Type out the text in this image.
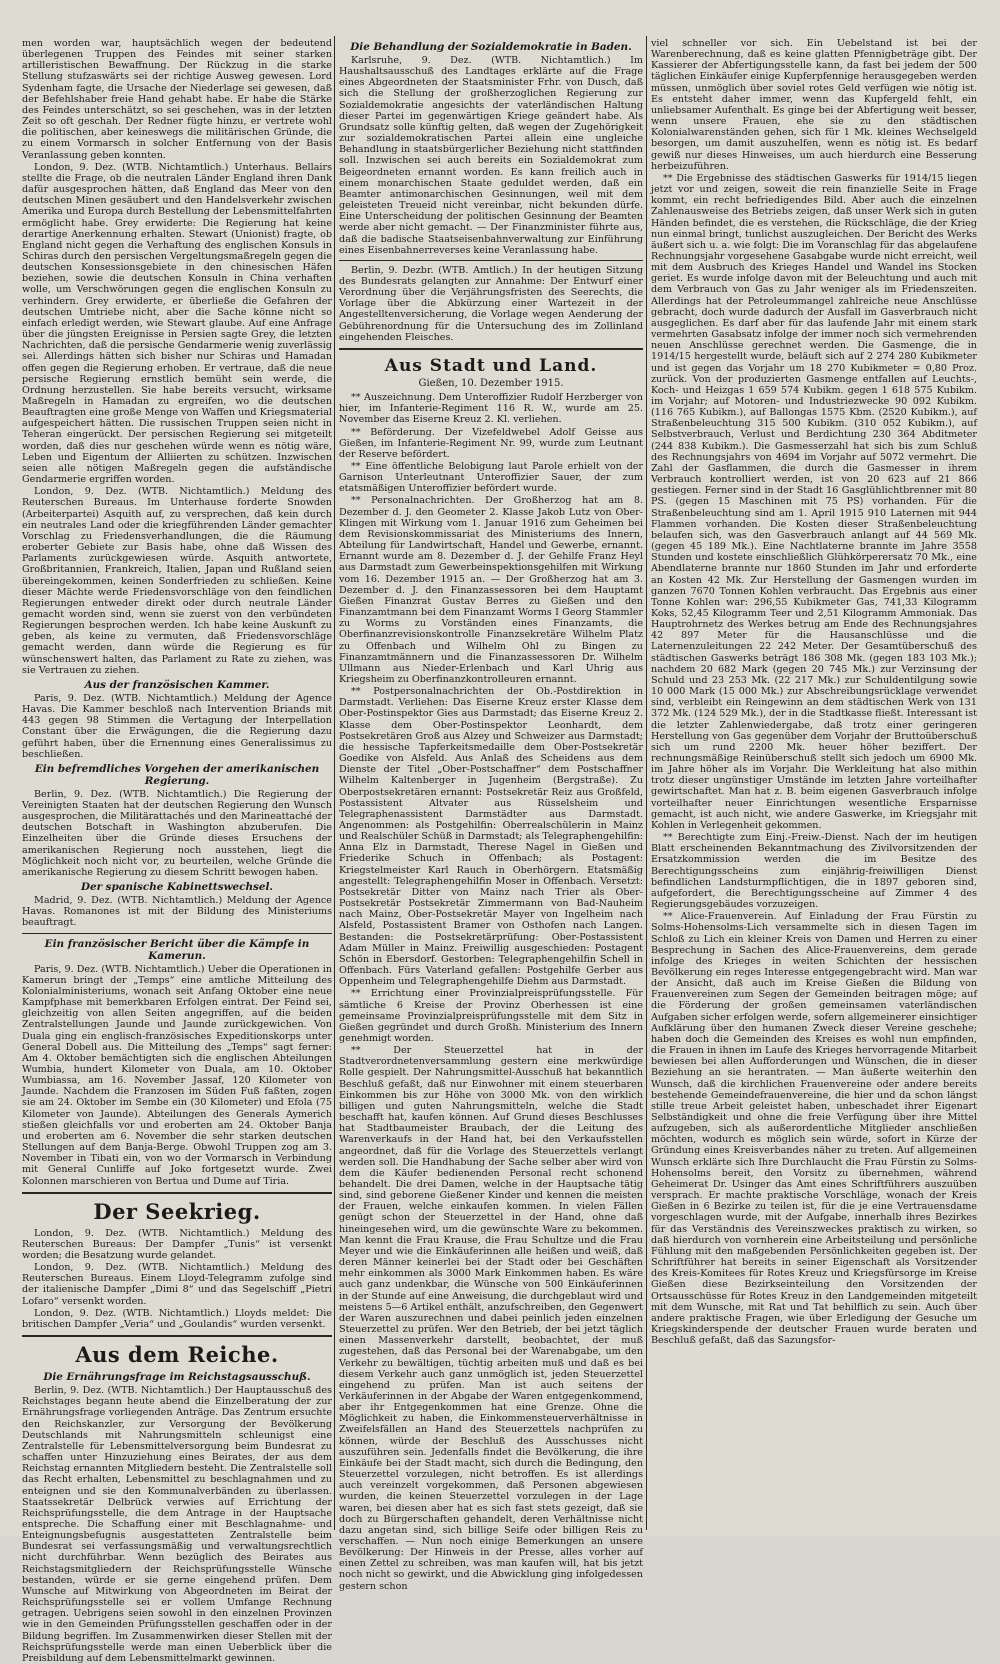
men worden war, hauptsächlich wegen der bedeutend überlegenen Truppen des Feindes mit seiner starken artilleristischen Bewaffnung. Der Rückzug in die starke Stellung stufzaswärts sei der richtige Ausweg gewesen. Lord Sydenham fagte, die Ursache der Niederlage sei gewesen, daß der Befehlshaber freie Hand gehabt habe. Er habe die Stärke des Feindes unterschätzt, so sei geschehen, was in der letzten Zeit so oft geschah. Der Redner fügte hinzu, er vertrete wohl die politischen, aber keineswegs die militärischen Gründe, die zu einem Vormarsch in solcher Entfernung von der Basis Veranlassung geben konnten.

London, 9. Dez. (WTB. Nichtamtlich.) Unterhaus. Bellairs stellte die Frage, ob die neutralen Länder England ihren Dank dafür ausgesprochen hätten, daß England das Meer von den deutschen Minen gesäubert und den Handelsverkehr zwischen Amerika und Europa durch Bestellung der Lebensmittelfahrten ermöglicht habe. Grey erwiderte: Die Regierung hat keine derartige Anerkennung erhalten. Stewart (Unionist) fragte, ob England nicht gegen die Verhaftung des englischen Konsuls in Schiras durch den persischen Vergeltungsmaßregeln gegen die deutschen Konsessionsgebiete in den chinesischen Häfen beziehen, sowie die deutschen Konsuln in China verhaften wolle, um Verschwörungen gegen die englischen Konsuln zu verhindern. Grey erwiderte, er überließe die Gefahren der deutschen Umtriebe nicht, aber die Sache könne nicht so einfach erledigt werden, wie Stewart glaube. Auf eine Anfrage über die jüngsten Ereignisse in Persien sagte Grey, die letzten Nachrichten, daß die persische Gendarmerie wenig zuverlässig sei. Allerdings hätten sich bisher nur Schiras und Hamadan offen gegen die Regierung erhoben. Er vertraue, daß die neue persische Regierung ernstlich bemüht sein werde, die Ordnung herzustellen. Sie habe bereits versucht, wirksame Maßregeln in Hamadan zu ergreifen, wo die deutschen Beauftragten eine große Menge von Waffen und Kriegsmaterial aufgespeichert hätten. Die russischen Truppen seien nicht in Teheran eingerückt. Der persischen Regierung sei mitgeteilt worden, daß dies nur geschehen würde wenn es nötig wäre, Leben und Eigentum der Alliierten zu schützen. Inzwischen seien alle nötigen Maßregeln gegen die aufständische Gendarmerie ergriffen worden.

London, 9. Dez. (WTB. Nichtamtlich.) Meldung des Reuterschen Bureaus. Im Unterhause forderte Snowden (Arbeiterpartei) Asquith auf, zu versprechen, daß kein durch ein neutrales Land oder die kriegführenden Länder gemachter Vorschlag zu Friedensverhandlungen, die die Räumung eroberter Gebiete zur Basis habe, ohne daß Wissen des Parlaments zurückgewiesen würde. Asquith antwortete, Großbritannien, Frankreich, Italien, Japan und Rußland seien übereingekommen, keinen Sonderfrieden zu schließen. Keine dieser Mächte werde Friedensvorschläge von den feindlichen Regierungen entweder direkt oder durch neutrale Länder gemacht worden sind, wenn sie zuerst von den verbündeten Regierungen besprochen werden. Ich habe keine Auskunft zu geben, als keine zu vermuten, daß Friedensvorschläge gemacht werden, dann würde die Regierung es für wünschenswert halten, das Parlament zu Rate zu ziehen, was sie Vertrauen zu ziehen.

Aus der französischen Kammer.

Paris, 9. Dez. (WTB. Nichtamtlich.) Meldung der Agence Havas. Die Kammer beschloß nach Intervention Briands mit 443 gegen 98 Stimmen die Vertagung der Interpellation Constant über die Erwägungen, die die Regierung dazu geführt haben, über die Ernennung eines Generalissimus zu beschließen.

Ein befremdliches Vorgehen der amerikanischen Regierung.

Berlin, 9. Dez. (WTB. Nichtamtlich.) Die Regierung der Vereinigten Staaten hat der deutschen Regierung den Wunsch ausgesprochen, die Militärattachés und den Marineattaché der deutschen Botschaft in Washington abzuberufen. Die Einzelheiten über die Gründe dieses Ersuchens der amerikanischen Regierung noch ausstehen, liegt die Möglichkeit noch nicht vor, zu beurteilen, welche Gründe die amerikanische Regierung zu diesem Schritt bewogen haben.

Der spanische Kabinettswechsel.

Madrid, 9. Dez. (WTB. Nichtamtlich.) Meldung der Agence Havas. Romanones ist mit der Bildung des Ministeriums beauftragt.

Ein französischer Bericht über die Kämpfe in Kamerun.

Paris, 9. Dez. (WTB. Nichtamtlich.) Ueber die Operationen in Kamerun bringt der „Temps“ eine amtliche Mitteilung des Kolonialministeriums, wonach seit Anfang Oktober eine neue Kampfphase mit bemerkbaren Erfolgen eintrat. Der Feind sei, gleichzeitig von allen Seiten angegriffen, auf die beiden Zentralstellungen Jaunde und Jaunde zurückgewichen. Von Duala ging ein englisch-französisches Expeditionskorps unter General Dobell aus. Die Mitteilung des „Temps“ sagt ferner: Am 4. Oktober bemächtigten sich die englischen Abteilungen Wumbia, hundert Kilometer von Duala, am 10. Oktober Wumbiassa, am 16. November Jassaf, 120 Kilometer von Jaunde. Nachdem die Franzosen im Süden Fuß faßten, zogen sie am 24. Oktober im Sembe ein (30 Kilometer) und Efola (75 Kilometer von Jaunde). Abteilungen des Generals Aymerich stießen gleichfalls vor und eroberten am 24. Oktober Banja und eroberten am 6. November die sehr starken deutschen Stellungen auf dem Banja-Berge. Obwohl Truppen zog am 3. November in Tibati ein, von wo der Vormarsch in Verbindung mit General Cunliffe auf Joko fortgesetzt wurde. Zwei Kolonnen marschieren von Bertua und Dume auf Tiria.

Der Seekrieg.

London, 9. Dez. (WTB. Nichtamtlich.) Meldung des Reuterschen Bureaus: Der Dampfer „Tunis“ ist versenkt worden; die Besatzung wurde gelandet.

London, 9. Dez. (WTB. Nichtamtlich.) Meldung des Reuterschen Bureaus. Einem Lloyd-Telegramm zufolge sind der italienische Dampfer „Dimi 8“ und das Segelschiff „Pietri Lofaro“ versenkt worden.

London, 9. Dez. (WTB. Nichtamtlich.) Lloyds meldet: Die britischen Dampfer „Veria“ und „Goulandis“ wurden versenkt.

Aus dem Reiche.
Die Ernährungsfrage im Reichstagsausschuß.

Berlin, 9. Dez. (WTB. Nichtamtlich.) Der Hauptausschuß des Reichstages begann heute abend die Einzelberatung der zur Ernährungsfrage vorliegenden Anträge. Das Zentrum ersuchte den Reichskanzler, zur Versorgung der Bevölkerung Deutschlands mit Nahrungsmitteln schleunigst eine Zentralstelle für Lebensmittelversorgung beim Bundesrat zu schaffen unter Hinzuziehung eines Beirates, der aus dem Reichstag ernannten Mitgliedern besteht. Die Zentralstelle soll das Recht erhalten, Lebensmittel zu beschlagnahmen und zu enteignen und sie den Kommunalverbänden zu überlassen. Staatssekretär Delbrück verwies auf Errichtung der Reichsprüfungsstelle, die dem Antrage in der Hauptsache entspreche. Die Schaffung einer mit Beschlagnahme- und Enteignungsbefugnis ausgestatteten Zentralstelle beim Bundesrat sei verfassungsmäßig und verwaltungsrechtlich nicht durchführbar. Wenn bezüglich des Beirates aus Reichstagsmitgliedern der Reichsprüfungsstelle Wünsche bestanden, würde er sie gerne eingehend prüfen. Dem Wunsche auf Mitwirkung von Abgeordneten im Beirat der Reichsprüfungsstelle sei er vollem Umfange Rechnung getragen. Uebrigens seien sowohl in den einzelnen Provinzen wie in den Gemeinden Prüfungsstellen geschaffen oder in der Bildung begriffen. Im Zusammenwirken dieser Stellen mit der Reichsprüfungsstelle werde man einen Ueberblick über die Preisbildung auf dem Lebensmittelmarkt gewinnen.

Die Behandlung der Sozialdemokratie in Baden.

Karlsruhe, 9. Dez. (WTB. Nichtamtlich.) Im Haushaltsausschuß des Landtages erklärte auf die Frage eines Abgeordneten der Staatsminister Frhr. von Dusch, daß sich die Stellung der großherzoglichen Regierung zur Sozialdemokratie angesichts der vaterländischen Haltung dieser Partei im gegenwärtigen Kriege geändert habe. Als Grundsatz solle künftig gelten, daß wegen der Zugehörigkeit zur sozialdemokratischen Partei allein eine ungleiche Behandlung in staatsbürgerlicher Beziehung nicht stattfinden soll. Inzwischen sei auch bereits ein Sozialdemokrat zum Beigeordneten ernannt worden. Es kann freilich auch in einem monarchischen Staate geduldet werden, daß ein Beamter antimonarchischen Gesinnungen, weil mit dem geleisteten Treueid nicht vereinbar, nicht bekunden dürfe. Eine Unterscheidung der politischen Gesinnung der Beamten werde aber nicht gemacht. — Der Finanzminister führte aus, daß die badische Staatseisenbahnverwaltung zur Einführung eines Eisenbahnerreverses keine Veranlassung habe.

Berlin, 9. Dezbr. (WTB. Amtlich.) In der heutigen Sitzung des Bundesrats gelangten zur Annahme: Der Entwurf einer Verordnung über die Verjährungsfristen des Seerechts, die Vorlage über die Abkürzung einer Wartezeit in der Angestelltenversicherung, die Vorlage wegen Aenderung der Gebührenordnung für die Untersuchung des im Zollinland eingehenden Fleisches.

Aus Stadt und Land.
Gießen, 10. Dezember 1915.

** Auszeichnung. Dem Unteroffizier Rudolf Herzberger von hier, im Infanterie-Regiment 116 R. W., wurde am 25. November das Eiserne Kreuz 2. Kl. verliehen.

** Beförderung. Der Vizefeldwebel Adolf Geisse aus Gießen, im Infanterie-Regiment Nr. 99, wurde zum Leutnant der Reserve befördert.

** Eine öffentliche Belobigung laut Parole erhielt von der Garnison Unterleutnant Unteroffizier Sauer, der zum etatsmäßigen Unteroffizier befördert wurde.

** Personalnachrichten. Der Großherzog hat am 8. Dezember d. J. den Geometer 2. Klasse Jakob Lutz von Ober-Klingen mit Wirkung vom 1. Januar 1916 zum Geheimen bei dem Revisionskommissariat des Ministeriums des Innern, Abteilung für Landwirtschaft, Handel und Gewerbe, ernannt. Ernannt wurde am 8. Dezember d. J. der Gehilfe Franz Heyl aus Darmstadt zum Gewerbeinspektionsgehilfen mit Wirkung vom 16. Dezember 1915 an. — Der Großherzog hat am 3. Dezember d. J. den Finanzassessoren bei dem Hauptamt Gießen Finanzrat Gustav Berres zu Gießen und den Finanzamtmann bei dem Finanzamt Worms I Georg Stammler zu Worms zu Vorständen eines Finanzamts, die Oberfinanzrevisionskontrolle Finanzsekretäre Wilhelm Platz zu Offenbach und Wilhelm Ohl zu Bingen zu Finanzamtmännern und die Finanzassessoren Dr. Wilhelm Ullmann aus Nieder-Erlenbach und Karl Uhrig aus Kriegsheim zu Oberfinanzkontrolleuren ernannt.

** Postpersonalnachrichten der Ob.-Postdirektion in Darmstadt. Verliehen: Das Eiserne Kreuz erster Klasse dem Ober-Postinspektor Gies aus Darmstadt; das Eiserne Kreuz 2. Klasse dem Ober-Postinspektor Leonhardt, dem Postsekretären Groß aus Alzey und Schweizer aus Darmstadt; die hessische Tapferkeitsmedaille dem Ober-Postsekretär Goedike von Alsfeld. Aus Anlaß des Scheidens aus dem Dienste der Titel „Ober-Postschaffner“ dem Postschaffner Wilhelm Kaltenberger in Jugenheim (Bergstraße). Zu Oberpostsekretären ernannt: Postsekretär Reiz aus Großfeld, Postassistent Altvater aus Rüsselsheim und Telegraphenassistent Darmstädter aus Darmstadt. Angenommen: als Postgehilfin: Oberrealschülerin in Mainz und Realschüler Schüß in Darmstadt; als Telegraphengehilfin: Anna Elz in Darmstadt, Therese Nagel in Gießen und Friederike Schuch in Offenbach; als Postagent: Kriegstelmeister Karl Rauch in Oberhörgern. Etatsmäßig angestellt: Telegraphengehilfin Moser in Offenbach. Versetzt: Postsekretär Ditter von Mainz nach Trier als Ober-Postsekretär Postsekretär Zimmermann von Bad-Nauheim nach Mainz, Ober-Postsekretär Mayer von Ingelheim nach Alsfeld, Postassistent Bramer von Osthofen nach Langen. Bestanden: die Postsekretärprüfung: Ober-Postassistent Adam Müller in Mainz. Freiwillig ausgeschieden: Postagent Schön in Ebersdorf. Gestorben: Telegraphengehilfin Schell in Offenbach. Fürs Vaterland gefallen: Postgehilfe Gerber aus Oppenheim und Telegraphengehilfe Diehm aus Darmstadt.

** Errichtung einer Provinzialpreisprüfungsstelle. Für sämtliche 6 Kreise der Provinz Oberhessen ist eine gemeinsame Provinzialpreisprüfungsstelle mit dem Sitz in Gießen gegründet und durch Großh. Ministerium des Innern genehmigt worden.

** Der Steuerzettel hat in der Stadtverordnetenversammlung gestern eine merkwürdige Rolle gespielt. Der Nahrungsmittel-Ausschuß hat bekanntlich Beschluß gefaßt, daß nur Einwohner mit einem steuerbaren Einkommen bis zur Höhe von 3000 Mk. von den wirklich billigen und guten Nahrungsmitteln, welche die Stadt beschafft hat, kaufen können. Auf Grund dieses Beschlusses hat Stadtbaumeister Braubach, der die Leitung des Warenverkaufs in der Hand hat, bei den Verkaufsstellen angeordnet, daß für die Vorlage des Steuerzettels verlangt werden soll. Die Handhabung der Sache selber aber wird von dem die Käufer bedienenden Personal recht schonend behandelt. Die drei Damen, welche in der Hauptsache tätig sind, sind geborene Gießener Kinder und kennen die meisten der Frauen, welche einkaufen kommen. In vielen Fällen genügt schon der Steuerzettel in der Hand, ohne daß hineingesehen wird, um die gewünschte Ware zu bekommen. Man kennt die Frau Krause, die Frau Schultze und die Frau Meyer und wie die Einkäuferinnen alle heißen und weiß, daß deren Männer keinerlei bei der Stadt oder bei Geschäften mehr einkommen als 3000 Mark Einkommen haben. Es wäre auch ganz undenkbar, die Wünsche von 500 Einkäuferinnen in der Stunde auf eine Anweisung, die durchgeblaut wird und meistens 5—6 Artikel enthält, anzufschreiben, den Gegenwert der Waren auszurechnen und dabei peinlich jeden einzelnen Steuerzettel zu prüfen. Wer den Betrieb, der bei jetzt täglich einen Massenverkehr darstellt, beobachtet, der muß zugestehen, daß das Personal bei der Warenabgabe, um den Verkehr zu bewältigen, tüchtig arbeiten muß und daß es bei diesem Verkehr auch ganz unmöglich ist, jeden Steuerzettel eingehend zu prüfen. Man ist auch seitens der Verkäuferinnen in der Abgabe der Waren entgegenkommend, aber ihr Entgegenkommen hat eine Grenze. Ohne die Möglichkeit zu haben, die Einkommensteuerverhältnisse in Zweifelsfällen an Hand des Steuerzettels nachprüfen zu können, würde der Beschluß des Ausschusses nicht auszuführen sein. Jedenfalls findet die Bevölkerung, die ihre Einkäufe bei der Stadt macht, sich durch die Bedingung, den Steuerzettel vorzulegen, nicht betroffen. Es ist allerdings auch vereinzelt vorgekommen, daß Personen abgewiesen wurden, die keinen Steuerzettel vorzulegen in der Lage waren, bei diesen aber hat es sich fast stets gezeigt, daß sie doch zu Bürgerschaften gehandelt, deren Verhältnisse nicht dazu angetan sind, sich billige Seife oder billigen Reis zu verschaffen. — Nun noch einige Bemerkungen an unsere Bevölkerung: Der Hinweis in der Presse, alles vorher auf einen Zettel zu schreiben, was man kaufen will, hat bis jetzt noch nicht so gewirkt, und die Abwicklung ging infolgedessen gestern schon

viel schneller vor sich. Ein Uebelstand ist bei der Warenberechnung, daß es keine glatten Pfennigbeträge gibt. Der Kassierer der Abfertigungsstelle kann, da fast bei jedem der 500 täglichen Einkäufer einige Kupferpfennige herausgegeben werden müssen, unmöglich über soviel rotes Geld verfügen wie nötig ist. Es entsteht daher immer, wenn das Kupfergeld fehlt, ein unliebsamer Aufenthalt. Es ginge bei der Abfertigung weit besser, wenn unsere Frauen, ehe sie zu den städtischen Kolonialwarenständen gehen, sich für 1 Mk. kleines Wechselgeld besorgen, um damit auszuhelfen, wenn es nötig ist. Es bedarf gewiß nur dieses Hinweises, um auch hierdurch eine Besserung herbeizuführen.

** Die Ergebnisse des städtischen Gaswerks für 1914/15 liegen jetzt vor und zeigen, soweit die rein finanzielle Seite in Frage kommt, ein recht befriedigendes Bild. Aber auch die einzelnen Zahlenausweise des Betriebs zeigen, daß unser Werk sich in guten Händen befindet, die es verstehen, die Rückschläge, die der Krieg nun einmal bringt, tunlichst auszugleichen. Der Bericht des Werks äußert sich u. a. wie folgt: Die im Voranschlag für das abgelaufene Rechnungsjahr vorgesehene Gasabgabe wurde nicht erreicht, weil mit dem Ausbruch des Krieges Handel und Wandel ins Stocken geriet. Es wurde infolge davon mit der Beleuchtung und auch mit dem Verbrauch von Gas zu Jahr weniger als im Friedenszeiten. Allerdings hat der Petroleummangel zahlreiche neue Anschlüsse gebracht, doch wurde dadurch der Ausfall im Gasverbrauch nicht ausgeglichen. Es darf aber für das laufende Jahr mit einem stark vermehrten Gasabsatz infolge der immer noch sich vermehrenden neuen Anschlüsse gerechnet werden. Die Gasmenge, die in 1914/15 hergestellt wurde, beläuft sich auf 2 274 280 Kubikmeter und ist gegen das Vorjahr um 18 270 Kubikmeter = 0,80 Proz. zurück. Von der produzierten Gasmenge entfallen auf Leuchts-, Koch- und Heizgas 1 659 574 Kubikm. gegen 1 618 575 Kubikm. im Vorjahr; auf Motoren- und Industriezwecke 90 092 Kubikm. (116 765 Kubikm.), auf Ballongas 1575 Kbm. (2520 Kubikm.), auf Straßenbeleuchtung 315 500 Kubikm. (310 052 Kubikm.), auf Selbstverbrauch, Verlust und Berdichtung 230 364 Abditmeter (244 838 Kubikm.). Die Gasmesserzahl hat sich bis zum Schluß des Rechnungsjahrs von 4694 im Vorjahr auf 5072 vermehrt. Die Zahl der Gasflammen, die durch die Gasmesser in ihrem Verbrauch kontrolliert werden, ist von 20 623 auf 21 866 gestiegen. Ferner sind in der Stadt 16 Gasglühlichtbrenner mit 80 PS. (gegen 15 Maschinen mit 75 PS) vorhanden. Für die Straßenbeleuchtung sind am 1. April 1915 910 Laternen mit 944 Flammen vorhanden. Die Kosten dieser Straßenbeleuchtung belaufen sich, was den Gasverbrauch anlangt auf 44 569 Mk. (gegen 45 189 Mk.). Eine Nachtlaterne brannte im Jahre 3558 Stunden und kostete einschließlich Glühkörperersatz 70 Mk., eine Abendlaterne brannte nur 1860 Stunden im Jahr und erforderte an Kosten 42 Mk. Zur Herstellung der Gasmengen wurden im ganzen 7670 Tonnen Kohlen verbraucht. Das Ergebnis aus einer Tonne Kohlen war: 296,55 Kubikmeter Gas, 741,33 Kilogramm Koks, 52,45 Kilogramm Teer und 2,51 Kilogramm Ammoniak. Das Hauptrohrnetz des Werkes betrug am Ende des Rechnungsjahres 42 897 Meter für die Hausanschlüsse und die Laternenzuleitungen 22 242 Meter. Der Gesamtüberschuß des städtischen Gaswerks beträgt 186 308 Mk. (gegen 183 103 Mk.); nachdem 20 682 Mark (gegen 20 745 Mk.) zur Verzinsung der Schuld und 23 253 Mk. (22 217 Mk.) zur Schuldentilgung sowie 10 000 Mark (15 000 Mk.) zur Abschreibungsrücklage verwendet sind, verbleibt ein Reingewinn an dem städtischen Werk von 131 372 Mk. (124 529 Mk.), der in die Stadtkasse fließt. Interessant ist die letzter Zahlenwiedergabe, daß trotz einer geringeren Herstellung von Gas gegenüber dem Vorjahr der Bruttoüberschuß sich um rund 2200 Mk. heuer höher beziffert. Der rechnungsmäßige Reinüberschuß stellt sich jedoch um 6900 Mk. im Jahre höher als im Vorjahr. Die Werkleitung hat also mithin trotz dieser ungünstiger Umstände im letzten Jahre vorteilhafter gewirtschaftet. Man hat z. B. beim eigenen Gasverbrauch infolge vorteilhafter neuer Einrichtungen wesentliche Ersparnisse gemacht, ist auch nicht, wie andere Gaswerke, im Kriegsjahr mit Kohlen in Verlegenheit gekommen.

** Berechtigte zum Einj.-Freiw.-Dienst. Nach der im heutigen Blatt erscheinenden Bekanntmachung des Zivilvorsitzenden der Ersatzkommission werden die im Besitze des Berechtigungsscheins zum einjährig-freiwilligen Dienst befindlichen Landsturmpflichtigen, die in 1897 geboren sind, aufgefordert, die Berechtigungsscheine auf Zimmer 4 des Regierungsgebäudes vorzuzeigen.

** Alice-Frauenverein. Auf Einladung der Frau Fürstin zu Solms-Hohensolms-Lich versammelte sich in diesen Tagen im Schloß zu Lich ein kleiner Kreis von Damen und Herren zu einer Besprechung in Sachen des Alice-Frauenvereins, dem gerade infolge des Krieges in weiten Schichten der hessischen Bevölkerung ein reges Interesse entgegengebracht wird. Man war der Ansicht, daß auch im Kreise Gießen die Bildung von Frauenvereinen zum Segen der Gemeinden beitragen möge; auf die Förderung der großen gemeinsamen vaterländischen Aufgaben sicher erfolgen werde, sofern allgemeinerer einsichtiger Aufklärung über den humanen Zweck dieser Vereine geschehe; haben doch die Gemeinden des Kreises es wohl nun empfinden, die Frauen in ihnen im Laufe des Krieges hervorragende Mitarbeit bewiesen bei allen Aufforderungen und Wünschen, die in dieser Beziehung an sie herantraten. — Man äußerte weiterhin den Wunsch, daß die kirchlichen Frauenvereine oder andere bereits bestehende Gemeindefrauenvereine, die hier und da schon längst stille treue Arbeit geleistet haben, unbeschadet ihrer Eigenart Selbständigkeit und ohne die freie Verfügung über ihre Mittel aufzugeben, sich als außerordentliche Mitglieder anschließen möchten, wodurch es möglich sein würde, sofort in Kürze der Gründung eines Kreisverbandes näher zu treten. Auf allgemeinen Wunsch erklärte sich Ihre Durchlaucht die Frau Fürstin zu Solms-Hohensolms bereit, den Vorsitz zu übernehmen, während Geheimerat Dr. Usinger das Amt eines Schriftführers auszuüben versprach. Er machte praktische Vorschläge, wonach der Kreis Gießen in 6 Bezirke zu teilen ist, für die je eine Vertrauensdame vorgeschlagen wurde, mit der Aufgabe, innerhalb ihres Bezirkes für das Verständnis des Vereinszweckes praktisch zu wirken, so daß hierdurch von vornherein eine Arbeitsteilung und persönliche Fühlung mit den maßgebenden Persönlichkeiten gegeben ist. Der Schriftführer hat bereits in seiner Eigenschaft als Vorsitzender des Kreis-Komitees für Rotes Kreuz und Kriegsfürsorge im Kreise Gießen diese Bezirkseinteilung den Vorsitzenden der Ortsausschüsse für Rotes Kreuz in den Landgemeinden mitgeteilt mit dem Wunsche, mit Rat und Tat behilflich zu sein. Auch über andere praktische Fragen, wie über Erledigung der Gesuche um Kriegskinderspende der deutscher Frauen wurde beraten und Beschluß gefaßt, daß das Sazungsfor-
